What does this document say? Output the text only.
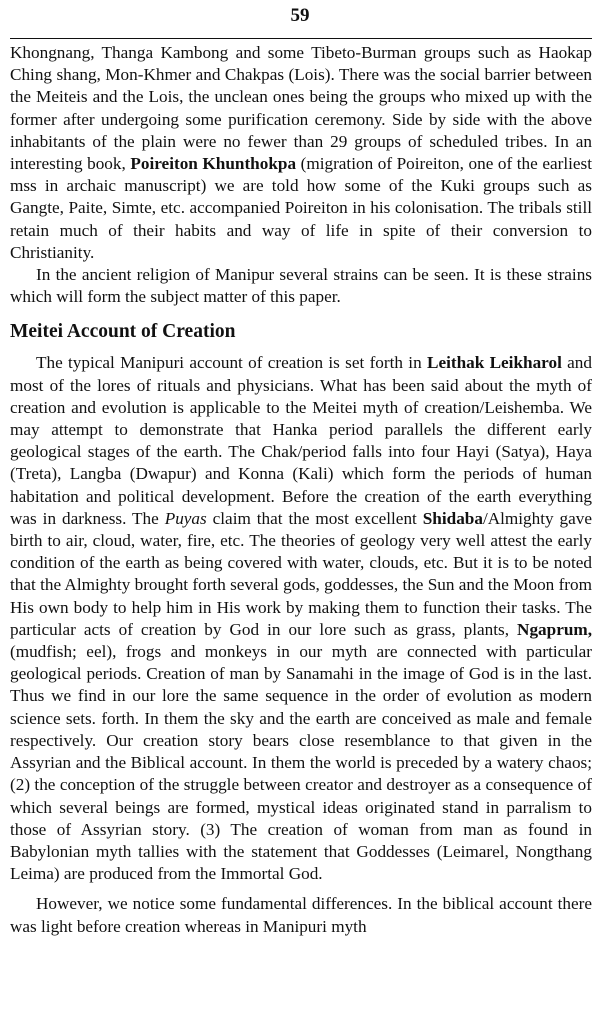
59

Khongnang, Thanga Kambong and some Tibeto-Burman groups such as Haokap Ching shang, Mon-Khmer and Chakpas (Lois). There was the social barrier between the Meiteis and the Lois, the unclean ones being the groups who mixed up with the former after undergoing some purification ceremony. Side by side with the above inhabitants of the plain were no fewer than 29 groups of scheduled tribes. In an interesting book, Poireiton Khunthokpa (migration of Poireiton, one of the earliest mss in archaic manuscript) we are told how some of the Kuki groups such as Gangte, Paite, Simte, etc. accompanied Poireiton in his colonisation. The tribals still retain much of their habits and way of life in spite of their conversion to Christianity.

In the ancient religion of Manipur several strains can be seen. It is these strains which will form the subject matter of this paper.

Meitei Account of Creation

The typical Manipuri account of creation is set forth in Leithak Leikharol and most of the lores of rituals and physicians. What has been said about the myth of creation and evolution is applicable to the Meitei myth of creation/Leishemba. We may attempt to demonstrate that Hanka period parallels the different early geological stages of the earth. The Chak/period falls into four Hayi (Satya), Haya (Treta), Langba (Dwapur) and Konna (Kali) which form the periods of human habitation and political development. Before the creation of the earth everything was in darkness. The Puyas claim that the most excellent Shidaba/Almighty gave birth to air, cloud, water, fire, etc. The theories of geology very well attest the early condition of the earth as being covered with water, clouds, etc. But it is to be noted that the Almighty brought forth several gods, goddesses, the Sun and the Moon from His own body to help him in His work by making them to function their tasks. The particular acts of creation by God in our lore such as grass, plants, Ngaprum, (mudfish; eel), frogs and monkeys in our myth are connected with particular geological periods. Creation of man by Sanamahi in the image of God is in the last. Thus we find in our lore the same sequence in the order of evolution as modern science sets. forth. In them the sky and the earth are conceived as male and female respectively. Our creation story bears close resemblance to that given in the Assyrian and the Biblical account. In them the world is preceded by a watery chaos; (2) the conception of the struggle between creator and destroyer as a consequence of which several beings are formed, mystical ideas originated stand in parralism to those of Assyrian story. (3) The creation of woman from man as found in Babylonian myth tallies with the statement that Goddesses (Leimarel, Nongthang Leima) are produced from the Immortal God.

However, we notice some fundamental differences. In the biblical account there was light before creation whereas in Manipuri myth
